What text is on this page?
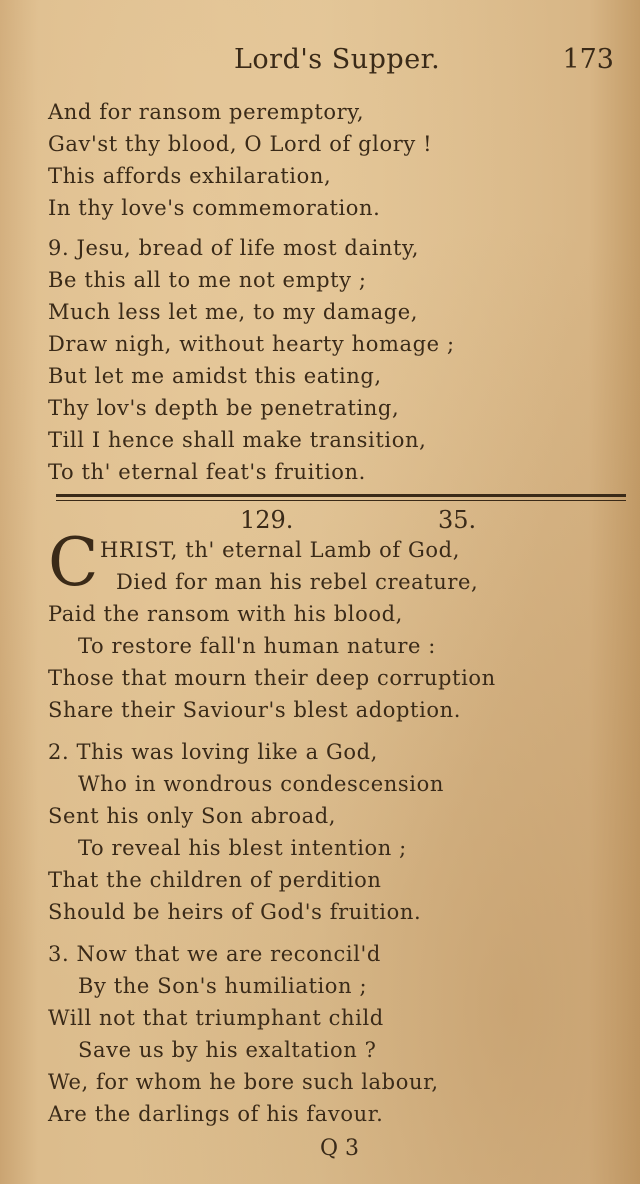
Lord's Supper.	173
And for ransom peremptory,
Gav'st thy blood, O Lord of glory !
This affords exhilaration,
In thy love's commemoration.
9. Jesu, bread of life most dainty,
Be this all to me not empty ;
Much less let me, to my damage,
Draw nigh, without hearty homage ;
But let me amidst this eating,
Thy lov's depth be penetrating,
Till I hence shall make transition,
To th' eternal feat's fruition.
129.	35.
C HRIST, th' eternal Lamb of God,
Died for man his rebel creature,
Paid the ransom with his blood,
To restore fall'n human nature :
Those that mourn their deep corruption
Share their Saviour's blest adoption.
2. This was loving like a God,
Who in wondrous condescension
Sent his only Son abroad,
To reveal his blest intention ;
That the children of perdition
Should be heirs of God's fruition.
3. Now that we are reconcil'd
By the Son's humiliation ;
Will not that triumphant child
Save us by his exaltation ?
We, for whom he bore such labour,
Are the darlings of his favour.
Q 3
